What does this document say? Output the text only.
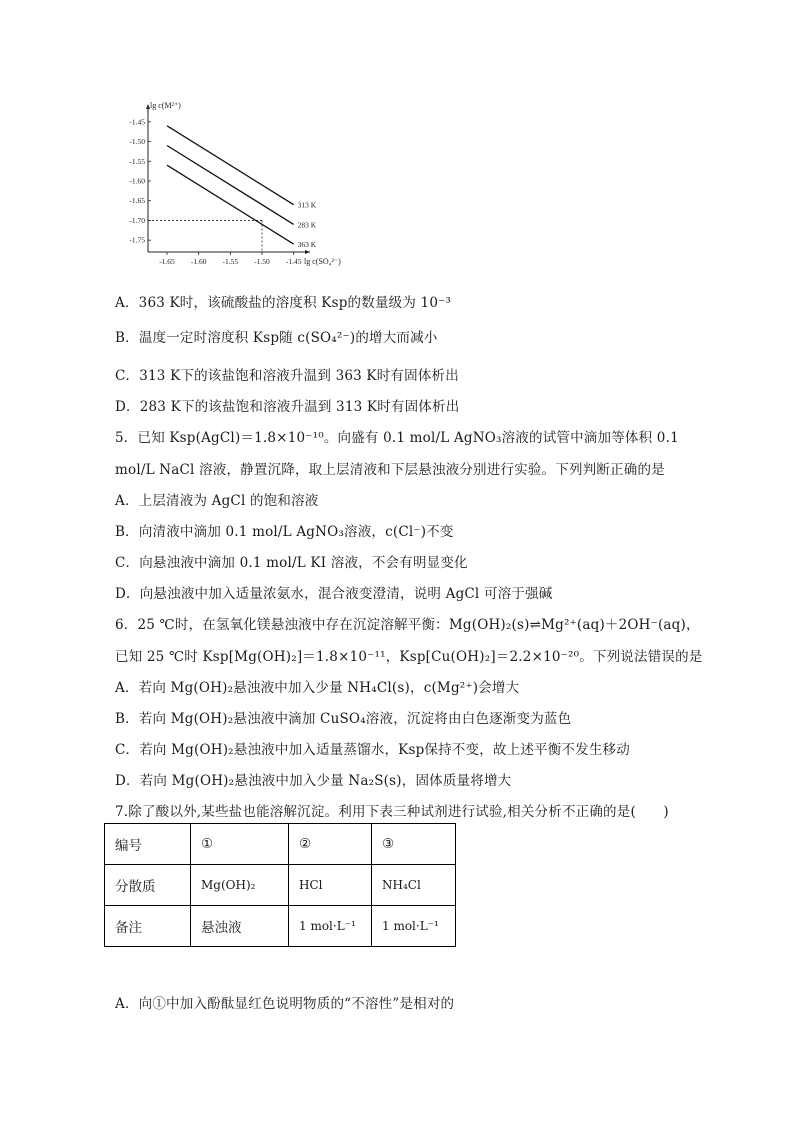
lg c(M²⁺)
lg c(SO₄²⁻)
-1.65 -1.60 -1.55 -1.50 -1.45
-1.45
-1.50
-1.55
-1.60
-1.65
-1.70
-1.75
313 K
283 K
363 K
A．363 K时，该硫酸盐的溶度积 Ksp的数量级为 10⁻³
B．温度一定时溶度积 Ksp随 c(SO₄²⁻)的增大而减小
C．313 K下的该盐饱和溶液升温到 363 K时有固体析出
D．283 K下的该盐饱和溶液升温到 313 K时有固体析出
5．已知 Ksp(AgCl)＝1.8×10⁻¹⁰。向盛有 0.1 mol/L AgNO₃溶液的试管中滴加等体积 0.1
mol/L NaCl 溶液，静置沉降，取上层清液和下层悬浊液分别进行实验。下列判断正确的是
A．上层清液为 AgCl 的饱和溶液
B．向清液中滴加 0.1 mol/L AgNO₃溶液，c(Cl⁻)不变
C．向悬浊液中滴加 0.1 mol/L KI 溶液，不会有明显变化
D．向悬浊液中加入适量浓氨水，混合液变澄清，说明 AgCl 可溶于强碱
6．25 ℃时，在氢氧化镁悬浊液中存在沉淀溶解平衡：Mg(OH)₂(s)⇌Mg²⁺(aq)＋2OH⁻(aq)，
已知 25 ℃时 Ksp[Mg(OH)₂]＝1.8×10⁻¹¹，Ksp[Cu(OH)₂]＝2.2×10⁻²⁰。下列说法错误的是
A．若向 Mg(OH)₂悬浊液中加入少量 NH₄Cl(s)，c(Mg²⁺)会增大
B．若向 Mg(OH)₂悬浊液中滴加 CuSO₄溶液，沉淀将由白色逐渐变为蓝色
C．若向 Mg(OH)₂悬浊液中加入适量蒸馏水，Ksp保持不变，故上述平衡不发生移动
D．若向 Mg(OH)₂悬浊液中加入少量 Na₂S(s)，固体质量将增大
7.除了酸以外,某些盐也能溶解沉淀。利用下表三种试剂进行试验,相关分析不正确的是(　　)
编号	①	②	③
分散质	Mg(OH)₂	HCl	NH₄Cl
备注	悬浊液	1 mol·L⁻¹	1 mol·L⁻¹
A．向①中加入酚酞显红色说明物质的“不溶性”是相对的
